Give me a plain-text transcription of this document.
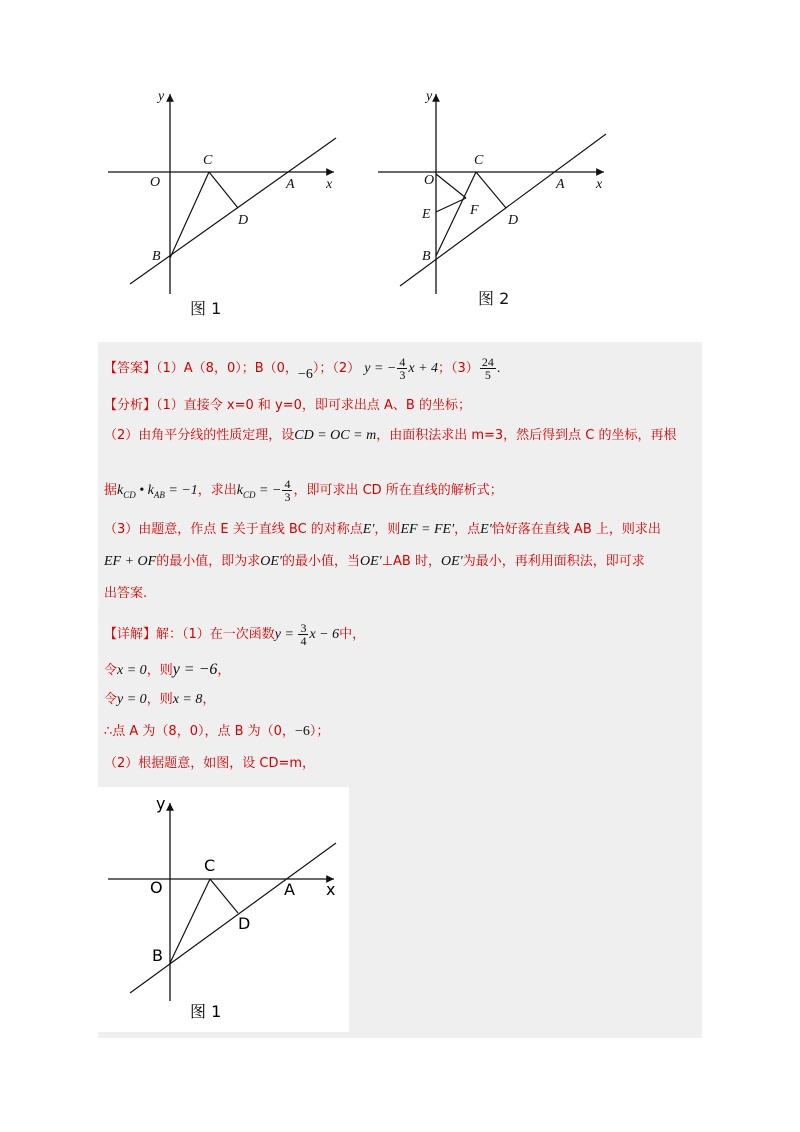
y
O
C
A x
D
B
图 1
y
O
C
A x
E	F
D
B
图 2
【答案】（1）A（8，0）；B（0，−6）；（2） y = − $\frac{4}{3}$ x + 4；$(3) \frac{24}{5}$ .
【分析】（1）直接令 x=0 和 y=0，即可求出点 A、B 的坐标；
（2）由角平分线的性质定理，设CD = OC = m，由面积法求出 m=3，然后得到点 C 的坐标，再根
据$k_{CD}$ • $k_{AB} = -1$，求出$k_{CD}$ = − $\frac{4}{3}$ ，即可求出 CD 所在直线的解析式；
（3）由题意，作点 E 关于直线 BC 的对称点E′，则EF = FE′，点E′恰好落在直线 AB 上，则求出
EF + OF的最小值，即为求OE′的最小值，当OE′⊥AB 时，OE′为最小，再利用面积法，即可求
出答案.
【详解】解：（1）在一次函数$y = \frac{3}{4}$ x − 6中，
令x = 0，则y = −6，
令y = 0，则x = 8，
∴点 A 为（8，0），点 B 为（0，−6）；
（2）根据题意，如图，设 CD=m，
y
O
C
A x
D
B
图 1
